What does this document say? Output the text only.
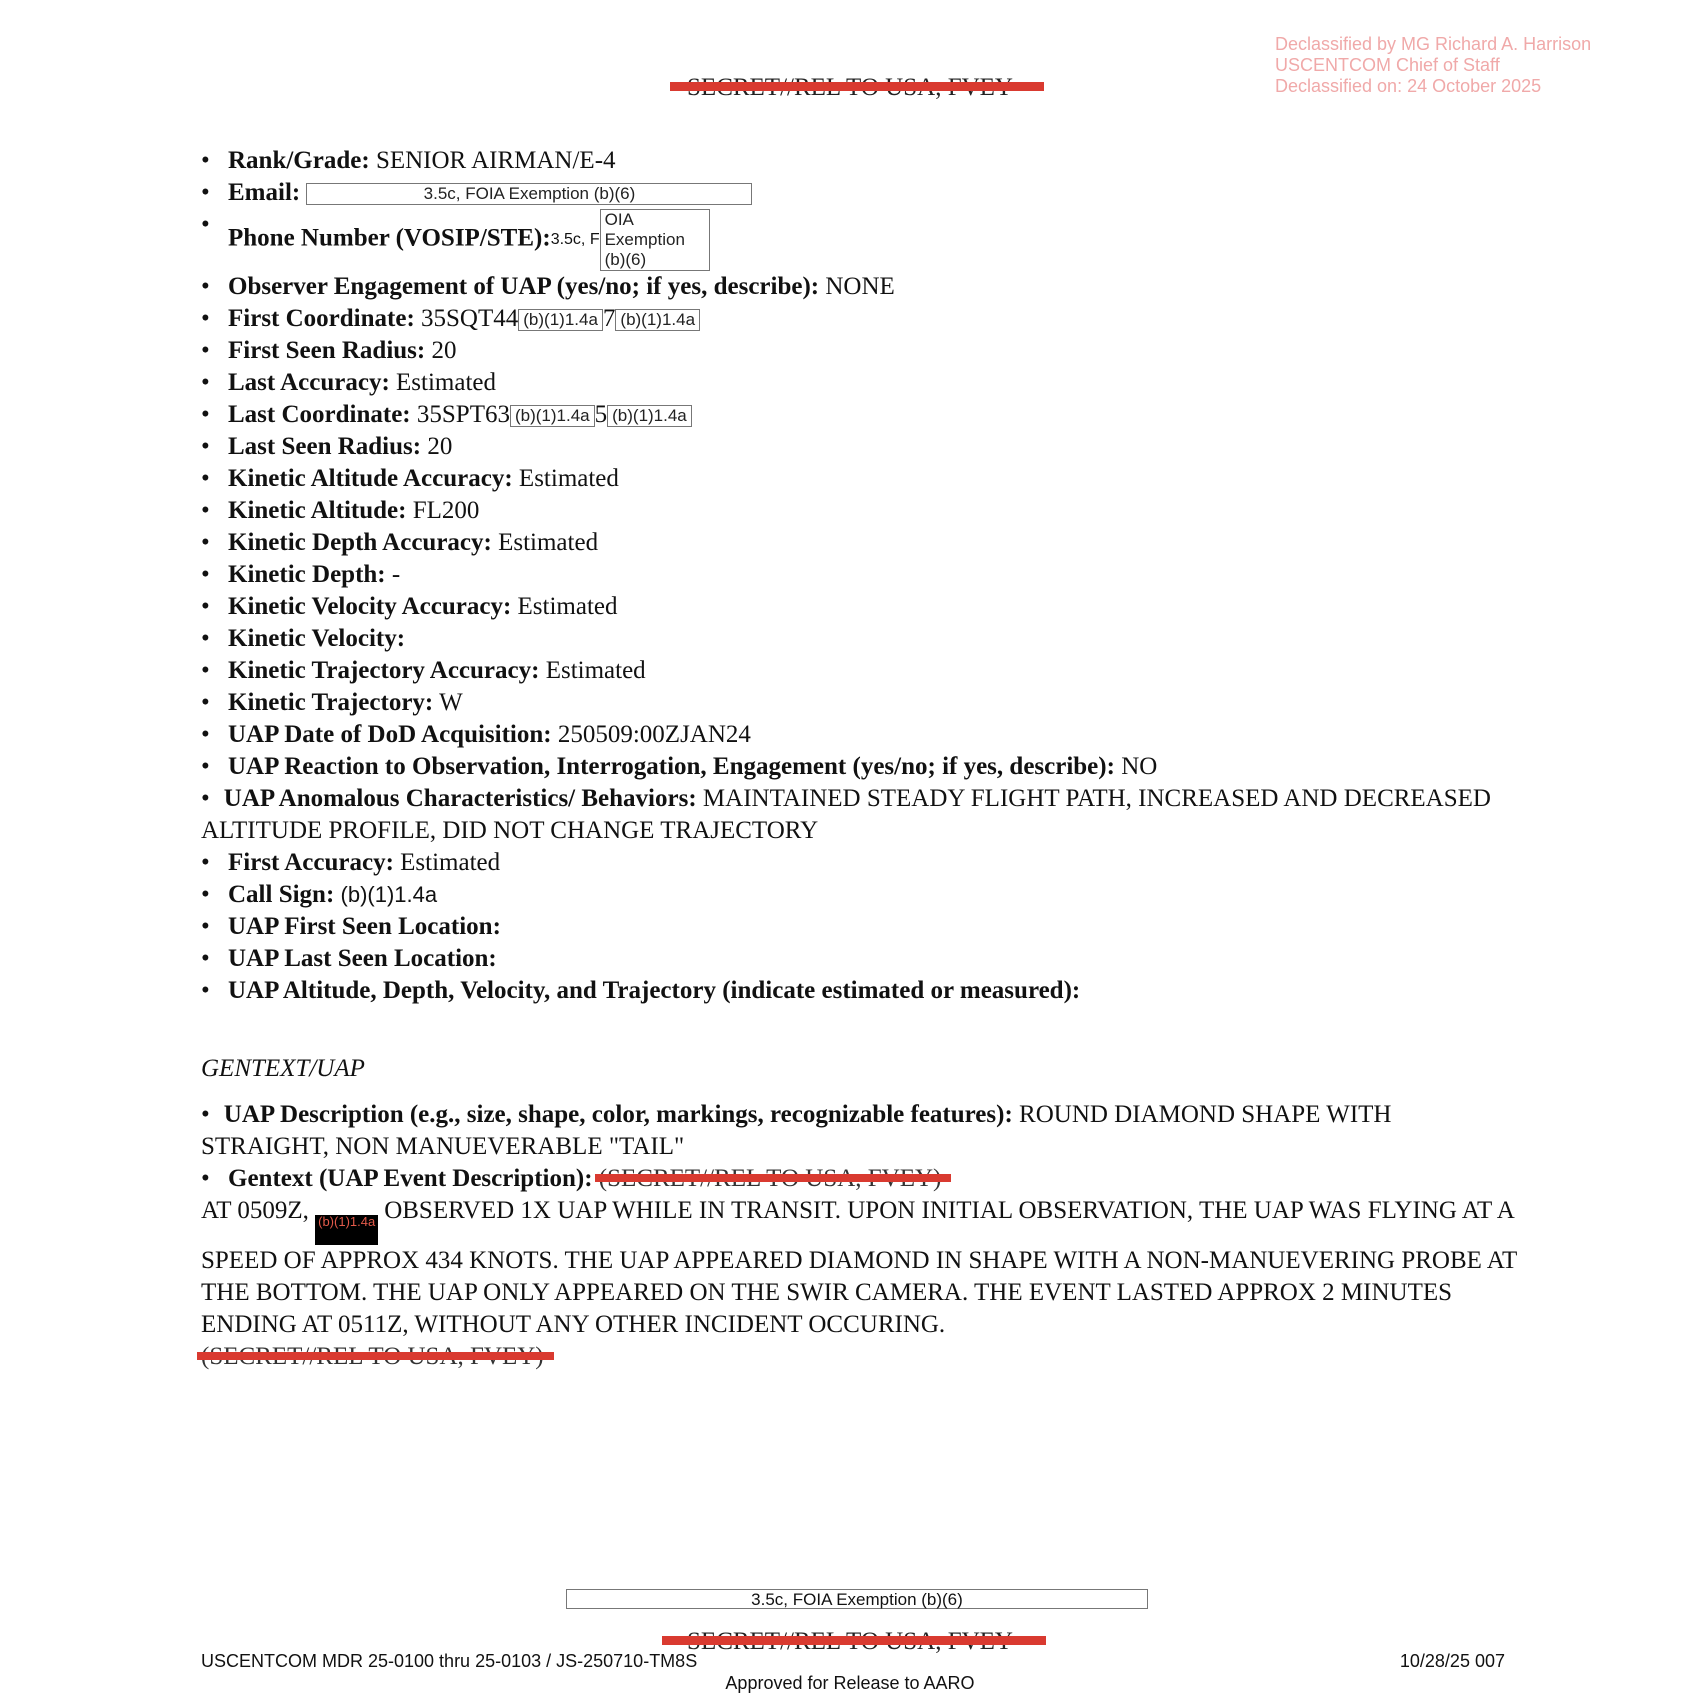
Declassified by MG Richard A. Harrison
USCENTCOM Chief of Staff
Declassified on: 24 October 2025
• Rank/Grade: SENIOR AIRMAN/E-4
• Email:	3.5c, FOIA Exemption (b)(6)
•
Phone Number (VOSIP/STE):3.5c, FOIA Exemption (b)(6)
• Observer Engagement of UAP (yes/no; if yes, describe): NONE
• First Coordinate: 35SQT44 (b)(1)1.4a 7 (b)(1)1.4a
• First Seen Radius: 20
• Last Accuracy: Estimated
• Last Coordinate: 35SPT63 (b)(1)1.4a 5 (b)(1)1.4a
• Last Seen Radius: 20
• Kinetic Altitude Accuracy: Estimated
• Kinetic Altitude: FL200
• Kinetic Depth Accuracy: Estimated
• Kinetic Depth: -
• Kinetic Velocity Accuracy: Estimated
• Kinetic Velocity:
• Kinetic Trajectory Accuracy: Estimated
• Kinetic Trajectory: W
• UAP Date of DoD Acquisition: 250509:00ZJAN24
• UAP Reaction to Observation, Interrogation, Engagement (yes/no; if yes, describe): NO
• UAP Anomalous Characteristics/ Behaviors: MAINTAINED STEADY FLIGHT PATH, INCREASED AND DECREASED ALTITUDE PROFILE, DID NOT CHANGE TRAJECTORY
• First Accuracy: Estimated
• Call Sign: (b)(1)1.4a
• UAP First Seen Location:
• UAP Last Seen Location:
• UAP Altitude, Depth, Velocity, and Trajectory (indicate estimated or measured):
GENTEXT/UAP
• UAP Description (e.g., size, shape, color, markings, recognizable features): ROUND DIAMOND SHAPE WITH STRAIGHT, NON MANUEVERABLE "TAIL"
• Gentext (UAP Event Description):

AT 0509Z, (b)(1)1.4a OBSERVED 1X UAP WHILE IN TRANSIT. UPON INITIAL OBSERVATION, THE UAP WAS FLYING AT A SPEED OF APPROX 434 KNOTS. THE UAP APPEARED DIAMOND IN SHAPE WITH A NON-MANUEVERING PROBE AT THE BOTTOM. THE UAP ONLY APPEARED ON THE SWIR CAMERA. THE EVENT LASTED APPROX 2 MINUTES ENDING AT 0511Z, WITHOUT ANY OTHER INCIDENT OCCURING.

3.5c, FOIA Exemption (b)(6)
USCENTCOM MDR 25-0100 thru 25-0103 / JS-250710-TM8S	10/28/25 007
Approved for Release to AARO
